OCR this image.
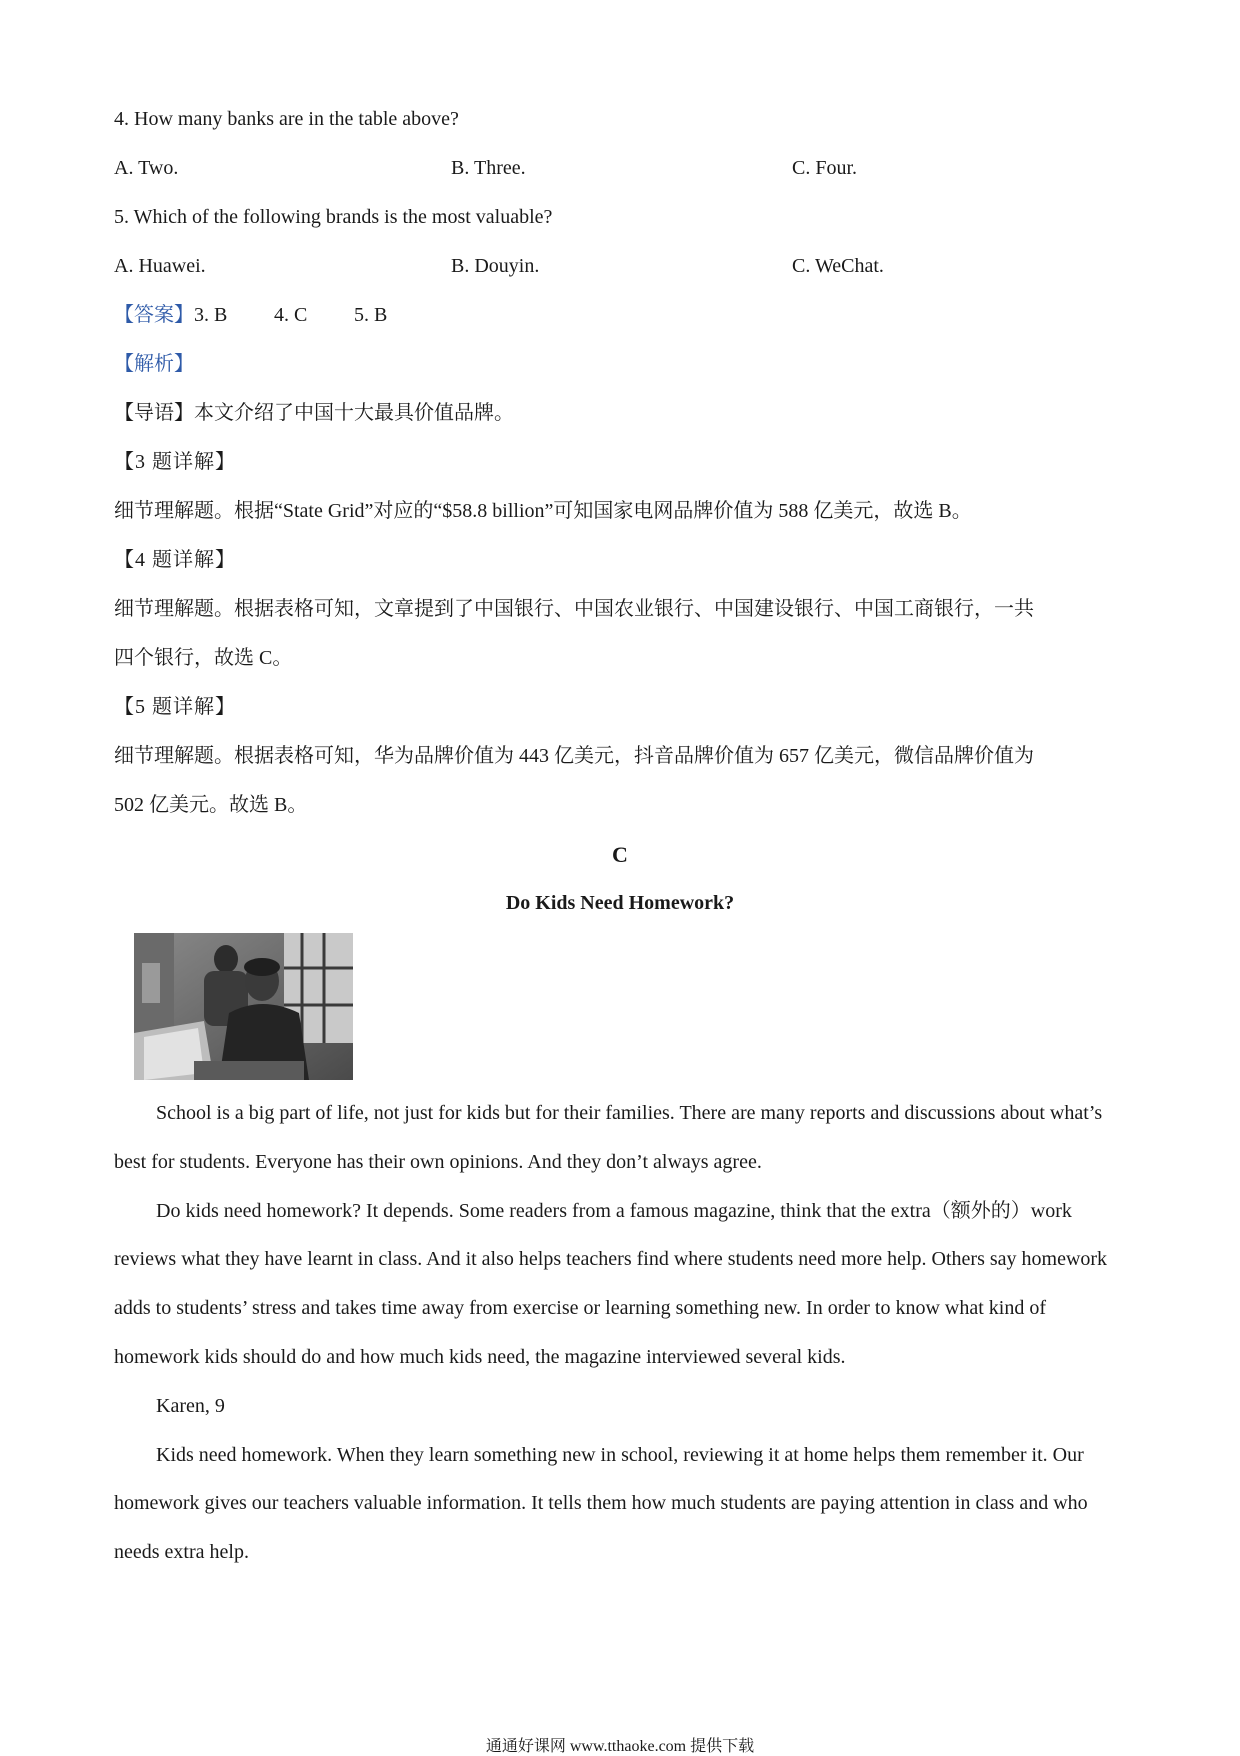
4. How many banks are in the table above?
A. Two.	B. Three.	C. Four.
5. Which of the following brands is the most valuable?
A. Huawei.	B. Douyin.	C. WeChat.
【答案】3. B 4. C 5. B
【解析】
【导语】本文介绍了中国十大最具价值品牌。
【3 题详解】
细节理解题。根据“State Grid”对应的“$58.8 billion”可知国家电网品牌价值为 588 亿美元，故选 B。
【4 题详解】
细节理解题。根据表格可知，文章提到了中国银行、中国农业银行、中国建设银行、中国工商银行，一共
四个银行，故选 C。
【5 题详解】
细节理解题。根据表格可知，华为品牌价值为 443 亿美元，抖音品牌价值为 657 亿美元，微信品牌价值为
502 亿美元。故选 B。
C
Do Kids Need Homework?

School is a big part of life, not just for kids but for their families. There are many reports and discussions about what’s best for students. Everyone has their own opinions. And they don’t always agree.

Do kids need homework? It depends. Some readers from a famous magazine, think that the extra（额外的）work reviews what they have learnt in class. And it also helps teachers find where students need more help. Others say homework adds to students’ stress and takes time away from exercise or learning something new. In order to know what kind of homework kids should do and how much kids need, the magazine interviewed several kids.

Karen, 9

Kids need homework. When they learn something new in school, reviewing it at home helps them remember it. Our homework gives our teachers valuable information. It tells them how much students are paying attention in class and who needs extra help.

通通好课网 www.tthaoke.com 提供下载
